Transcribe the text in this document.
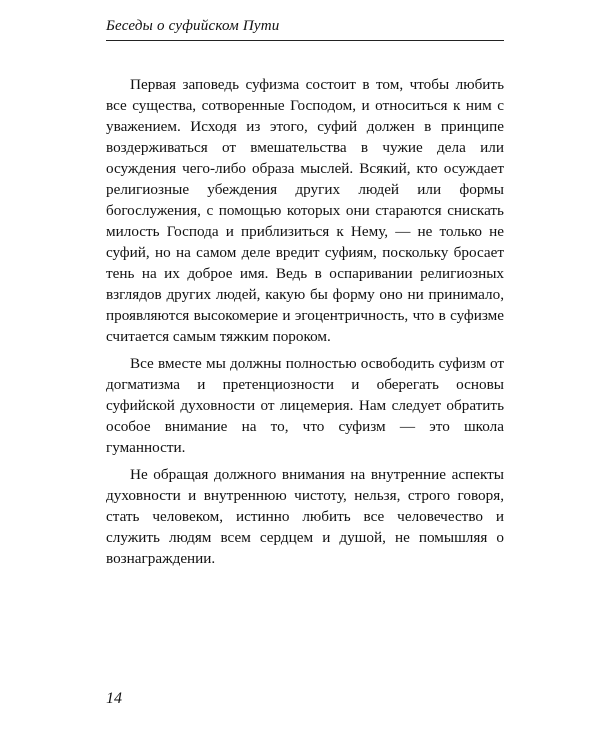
Беседы о суфийском Пути

Первая заповедь суфизма состоит в том, чтобы любить все существа, сотворенные Господом, и относиться к ним с уважением. Исходя из этого, суфий должен в принципе воздерживаться от вмешательства в чужие дела или осуждения чего-либо образа мыслей. Всякий, кто осуждает религиозные убеждения других людей или формы богослужения, с помощью которых они стараются снискать милость Господа и приблизиться к Нему, — не только не суфий, но на самом деле вредит суфиям, поскольку бросает тень на их доброе имя. Ведь в оспаривании религиозных взглядов других людей, какую бы форму оно ни принимало, проявляются высокомерие и эгоцентричность, что в суфизме считается самым тяжким пороком.

Все вместе мы должны полностью освободить суфизм от догматизма и претенциозности и оберегать основы суфийской духовности от лицемерия. Нам следует обратить особое внимание на то, что суфизм — это школа гуманности.

Не обращая должного внимания на внутренние аспекты духовности и внутреннюю чистоту, нельзя, строго говоря, стать человеком, истинно любить все человечество и служить людям всем сердцем и душой, не помышляя о вознаграждении.

14
